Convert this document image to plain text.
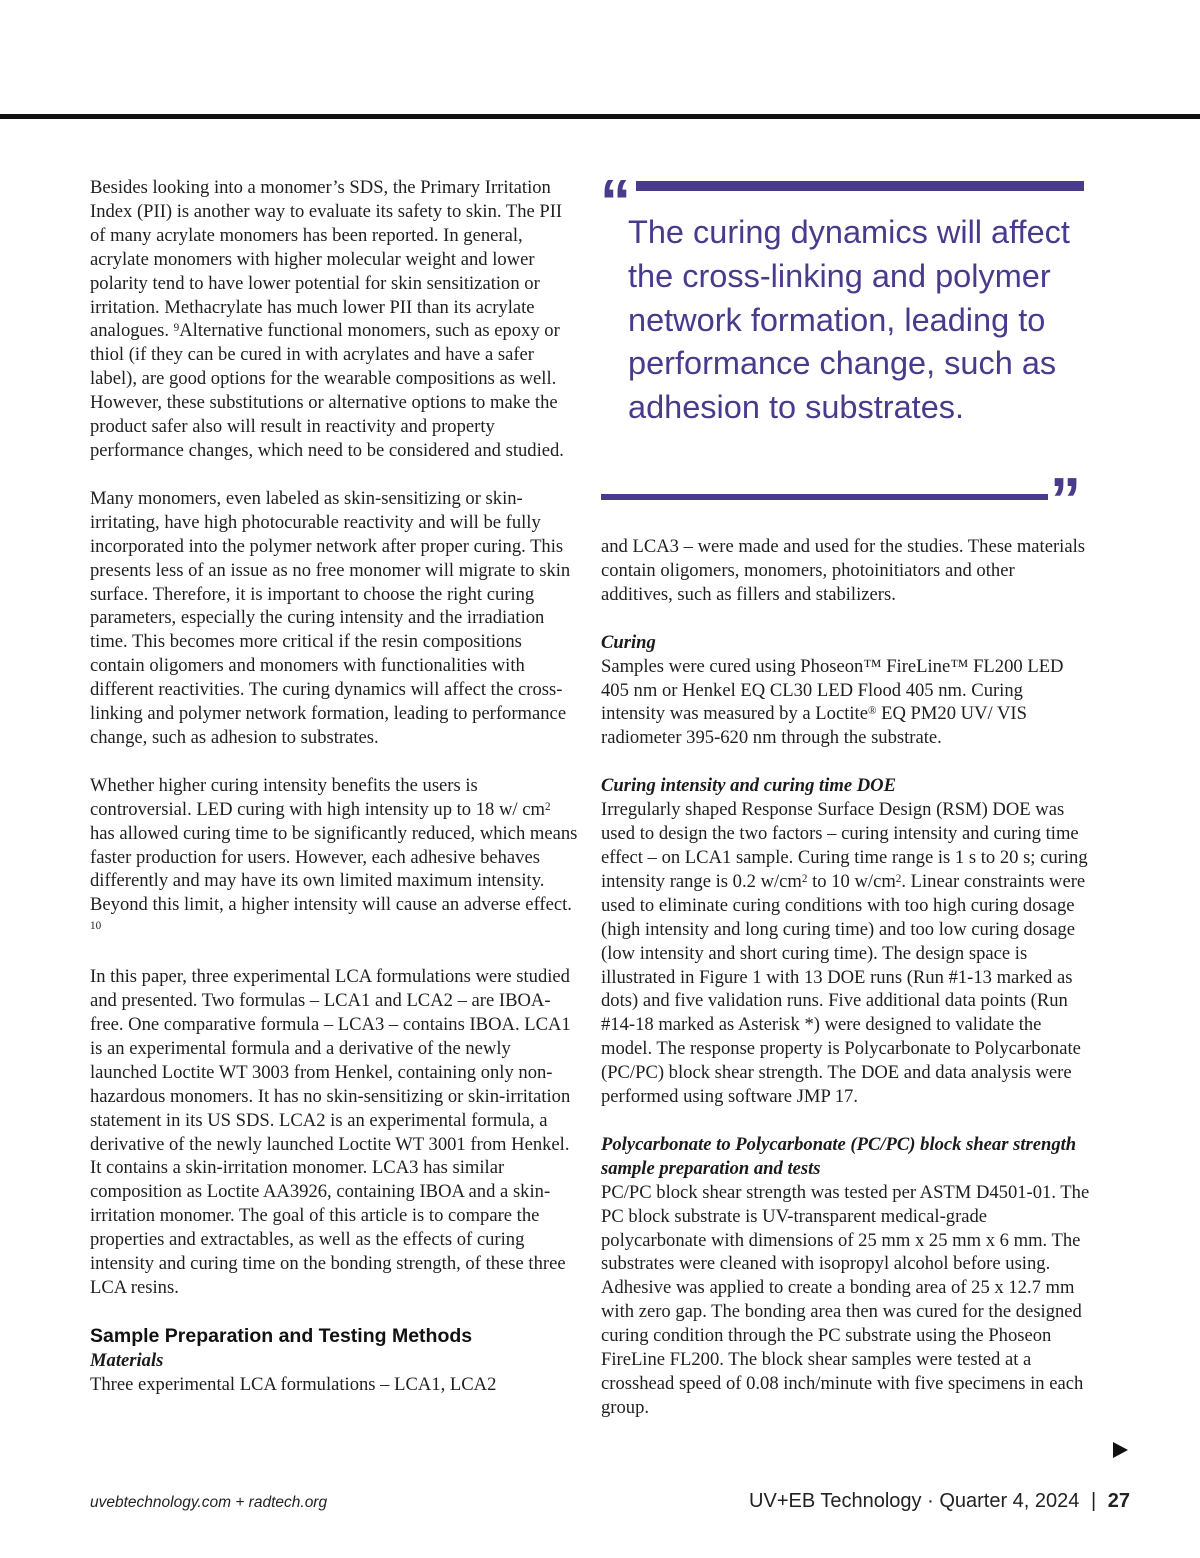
Besides looking into a monomer’s SDS, the Primary Irritation Index (PII) is another way to evaluate its safety to skin. The PII of many acrylate monomers has been reported. In general, acrylate monomers with higher molecular weight and lower polarity tend to have lower potential for skin sensitization or irritation. Methacrylate has much lower PII than its acrylate analogues. $^9$Alternative functional monomers, such as epoxy or thiol (if they can be cured in with acrylates and have a safer label), are good options for the wearable compositions as well. However, these substitutions or alternative options to make the product safer also will result in reactivity and property performance changes, which need to be considered and studied.

Many monomers, even labeled as skin-sensitizing or skin-irritating, have high photocurable reactivity and will be fully incorporated into the polymer network after proper curing. This presents less of an issue as no free monomer will migrate to skin surface. Therefore, it is important to choose the right curing parameters, especially the curing intensity and the irradiation time. This becomes more critical if the resin compositions contain oligomers and monomers with functionalities with different reactivities. The curing dynamics will affect the cross-linking and polymer network formation, leading to performance change, such as adhesion to substrates.

Whether higher curing intensity benefits the users is controversial. LED curing with high intensity up to 18 w/ $cm^2$ has allowed curing time to be significantly reduced, which means faster production for users. However, each adhesive behaves differently and may have its own limited maximum intensity. Beyond this limit, a higher intensity will cause an adverse effect. $^{10}$

In this paper, three experimental LCA formulations were studied and presented. Two formulas – LCA1 and LCA2 – are IBOA-free. One comparative formula – LCA3 – contains IBOA. LCA1 is an experimental formula and a derivative of the newly launched Loctite WT 3003 from Henkel, containing only non-hazardous monomers. It has no skin-sensitizing or skin-irritation statement in its US SDS. LCA2 is an experimental formula, a derivative of the newly launched Loctite WT 3001 from Henkel. It contains a skin-irritation monomer. LCA3 has similar composition as Loctite AA3926, containing IBOA and a skin-irritation monomer. The goal of this article is to compare the properties and extractables, as well as the effects of curing intensity and curing time on the bonding strength, of these three LCA resins.

Sample Preparation and Testing Methods

Materials

Three experimental LCA formulations – LCA1, LCA2

“ The curing dynamics will affect the cross-linking and polymer network formation, leading to performance change, such as adhesion to substrates.
”

and LCA3 – were made and used for the studies. These materials contain oligomers, monomers, photoinitiators and other additives, such as fillers and stabilizers.

Curing

Samples were cured using Phoseon™ FireLine™ FL200 LED 405 nm or Henkel EQ CL30 LED Flood 405 nm. Curing intensity was measured by a Loctite® EQ PM20 UV/ VIS radiometer 395-620 nm through the substrate.

Curing intensity and curing time DOE

Irregularly shaped Response Surface Design (RSM) DOE was used to design the two factors – curing intensity and curing time effect – on LCA1 sample. Curing time range is 1 s to 20 s; curing intensity range is 0.2 $w/cm^2$ to 10 $w/cm^2$. Linear constraints were used to eliminate curing conditions with too high curing dosage (high intensity and long curing time) and too low curing dosage (low intensity and short curing time). The design space is illustrated in Figure 1 with 13 DOE runs (Run #1-13 marked as dots) and five validation runs. Five additional data points (Run #14-18 marked as Asterisk *) were designed to validate the model. The response property is Polycarbonate to Polycarbonate (PC/PC) block shear strength. The DOE and data analysis were performed using software JMP 17.

Polycarbonate to Polycarbonate (PC/PC) block shear strength sample preparation and tests

PC/PC block shear strength was tested per ASTM D4501-01. The PC block substrate is UV-transparent medical-grade polycarbonate with dimensions of 25 mm x 25 mm x 6 mm. The substrates were cleaned with isopropyl alcohol before using. Adhesive was applied to create a bonding area of 25 x 12.7 mm with zero gap. The bonding area then was cured for the designed curing condition through the PC substrate using the Phoseon FireLine FL200. The block shear samples were tested at a crosshead speed of 0.08 inch/minute with five specimens in each group.

uvebtechnology.com + radtech.org	UV+EB Technology · Quarter 4, 2024 | 27
